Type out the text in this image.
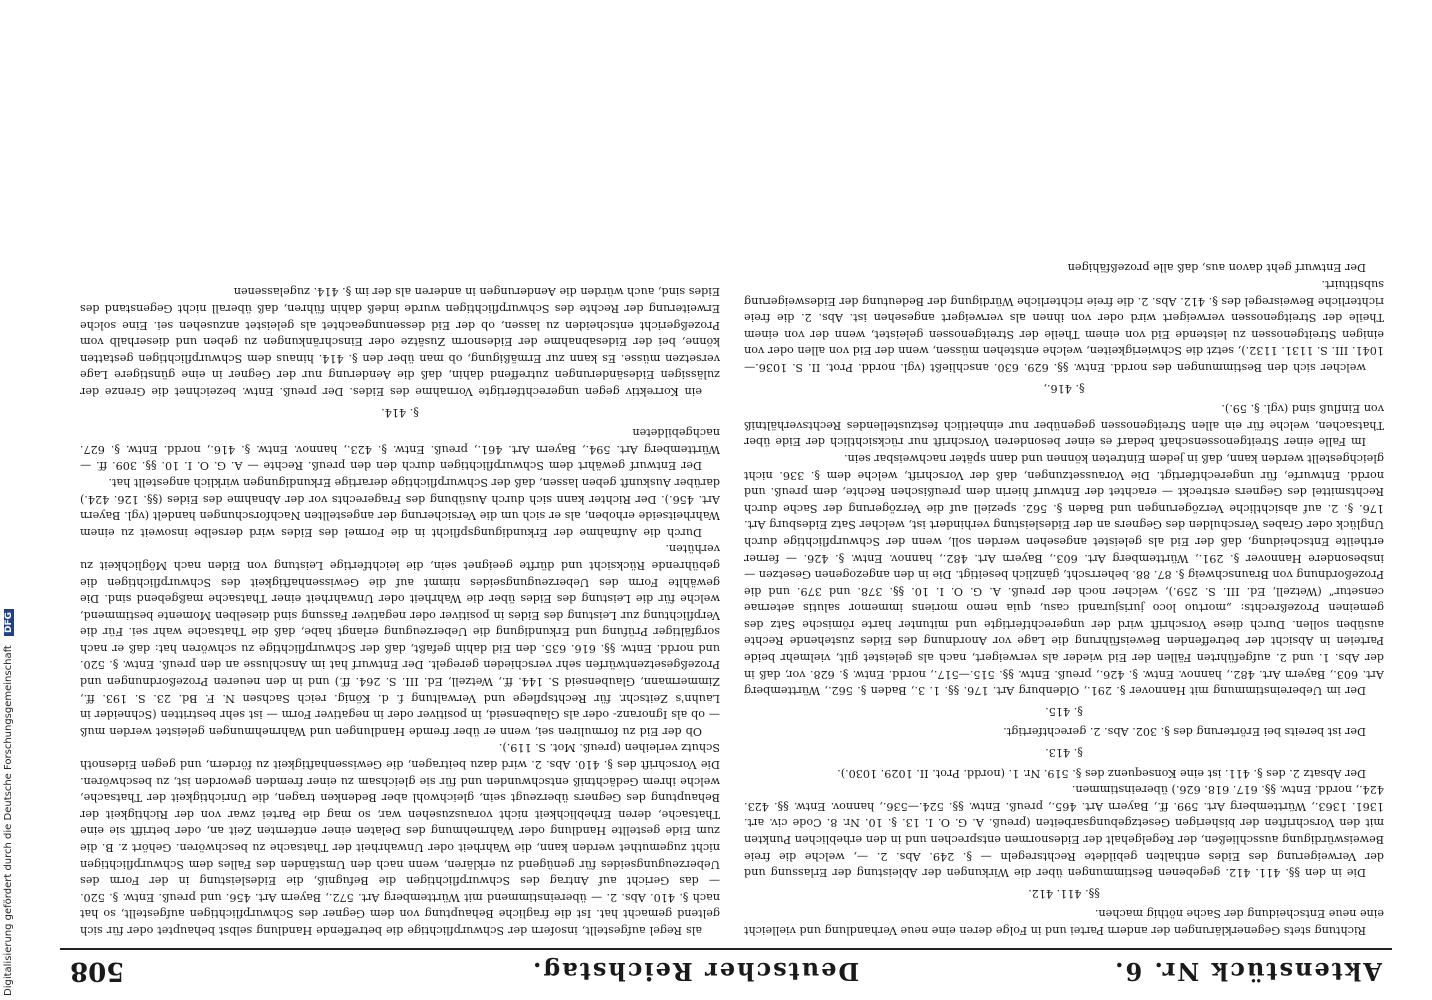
Digitalisierung gefördert durch die Deutsche Forschungsgemeinschaft DFG
508	Deutscher Reichstag.	Aktenstück Nr. 6.

als Regel aufgestellt, insofern der Schwurpflichtige die betreffende Handlung selbst behauptet oder für sich geltend gemacht hat. Ist die fragliche Behauptung von dem Gegner des Schwurpflichtigen aufgestellt, so hat nach §. 410. Abs. 2. — übereinstimmend mit Württemberg Art. 572., Bayern Art. 456. und preuß. Entw. §. 520. — das Gericht auf Antrag des Schwurpflichtigen die Befugniß, die Eidesleistung in der Form des Ueberzeugungseides für genügend zu erklären, wenn nach den Umständen des Falles dem Schwurpflichtigen nicht zugemuthet werden kann, die Wahrheit oder Unwahrheit der Thatsache zu beschwören. Gehört z. B. die zum Eide gestellte Handlung oder Wahrnehmung des Delaten einer entfernten Zeit an, oder betrifft sie eine Thatsache, deren Erheblichkeit nicht vorauszusehen war, so mag die Partei zwar von der Richtigkeit der Behauptung des Gegners überzeugt sein, gleichwohl aber Bedenken tragen, die Unrichtigkeit der Thatsache, welche ihrem Gedächtniß entschwunden und für sie gleichsam zu einer fremden geworden ist, zu beschwören. Die Vorschrift des §. 410. Abs. 2. wird dazu beitragen, die Gewissenhaftigkeit zu fördern, und gegen Eidesnoth Schutz verleihen (preuß. Mot. S. 119.).

Ob der Eid zu formuliren sei, wenn er über fremde Handlungen und Wahrnehmungen geleistet werden muß — ob als Ignoranz- oder als Glaubenseid, in positiver oder in negativer Form — ist sehr bestritten (Schneider in Lauhn's Zeitschr. für Rechtspflege und Verwaltung f. d. König. reich Sachsen N. F. Bd. 23. S. 193. ff., Zimmermann, Glaubenseid S. 144. ff., Wetzell, Ed. III. S. 264. ff.) und in den neueren Prozeßordnungen und Prozeßgesetzentwürfen sehr verschieden geregelt. Der Entwurf hat im Anschlusse an den preuß. Entw. §. 520. und nordd. Entw. §§. 616. 635. den Eid dahin gefaßt, daß der Schwurpflichtige zu schwören hat: daß er nach sorgfältiger Prüfung und Erkundigung die Ueberzeugung erlangt habe, daß die Thatsache wahr sei. Für die Verpflichtung zur Leistung des Eides in positiver oder negativer Fassung sind dieselben Momente bestimmend, welche für die Leistung des Eides über die Wahrheit oder Unwahrheit einer Thatsache maßgebend sind. Die gewählte Form des Ueberzeugungseides nimmt auf die Gewissenhaftigkeit des Schwurpflichtigen die gebührende Rücksicht und dürfte geeignet sein, die leichtfertige Leistung von Eiden nach Möglichkeit zu verhüten.

Durch die Aufnahme der Erkundigungspflicht in die Formel des Eides wird derselbe insoweit zu einem Wahrheitseide erhoben, als er sich um die Versicherung der angestellten Nachforschungen handelt (vgl. Bayern Art. 456.). Der Richter kann sich durch Ausübung des Fragerechts vor der Abnahme des Eides (§§. 126. 424.) darüber Auskunft geben lassen, daß der Schwurpflichtige derartige Erkundigungen wirklich angestellt hat.

Der Entwurf gewährt dem Schwurpflichtigen durch den den preuß. Rechte — A. G. O. I. 10. §§. 309. ff. — Württemberg Art. 594., Bayern Art. 461., preuß. Entw. §. 423., hannov. Entw. §. 416., nordd. Entw. §. 627. nachgebildeten

§. 414.

ein Korrektiv gegen ungerechtfertigte Vornahme des Eides. Der preuß. Entw. bezeichnet die Grenze der zulässigen Eidesänderungen zutreffend dahin, daß die Aenderung nur der Gegner in eine günstigere Lage versetzen müsse. Es kann zur Ermäßigung, ob man über den §. 414. hinaus dem Schwurpflichtigen gestatten könne, bei der Eidesabnahme der Eidesnorm Zusätze oder Einschränkungen zu geben und dieserhalb vom Prozeßgericht entscheiden zu lassen, ob der Eid dessenungeachtet als geleistet anzusehen sei. Eine solche Erweiterung der Rechte des Schwurpflichtigen wurde indeß dahin führen, daß überall nicht Gegenstand des Eides sind, auch würden die Aenderungen in anderen als der im §. 414. zugelassenen

Richtung stets Gegenerklärungen der andern Partei und in Folge deren eine neue Verhandlung und vielleicht eine neue Entscheidung der Sache nöthig machen.

§§. 411. 412.

Die in den §§. 411. 412. gegebenen Bestimmungen über die Wirkungen der Ableistung der Erlassung und der Verweigerung des Eides enthalten gebildete Rechtsregeln — §. 249. Abs. 2. —, welche die freie Beweiswürdigung ausschließen, der Regelgehalt der Eidesnormen entsprechen und in den erheblichen Punkten mit den Vorschriften der bisherigen Gesetzgebungsarbeiten (preuß. A. G. O. I. 13. §. 10. Nr. 8. Code civ. art. 1361. 1363., Württemberg Art. 599. ff., Bayern Art. 465., preuß. Entw. §§. 524.—536., hannov. Entw. §§. 423. 424., nordd. Entw. §§. 617. 618. 626.) übereinstimmen.

Der Absatz 2. des §. 411. ist eine Konsequenz des §. 519. Nr. 1. (nordd. Prot. II. 1029. 1030.).

§. 413.

Der ist bereits bei Erörterung des §. 302. Abs. 2. gerechtfertigt.

§. 415.

Der im Uebereinstimmung mit Hannover §. 291., Oldenburg Art. 176. §§. 1. 3., Baden §. 562., Württemberg Art. 603., Bayern Art. 482., hannov. Entw. §. 426., preuß. Entw. §§. 515.—517., nordd. Entw. §. 628. vor, daß in der Abs. 1. und 2. aufgeführten Fällen der Eid wieder als verweigert, nach als geleistet gilt, vielmehr beide Parteien in Absicht der betreffenden Beweisführung die Lage vor Anordnung des Eides zustehende Rechte ausüben sollen. Durch diese Vorschrift wird der ungerechtfertigte und mitunter harte römische Satz des gemeinen Prozeßrechts: „mortuo loco jurisjurandi casu, quia nemo moriens immemor salutis aeternae censetur“ (Wetzell, Ed. III. S. 259.), welcher noch der preuß. A. G. O. I. 10. §§. 378. und 379. und die Prozeßordnung von Braunschweig §. 87. 88. beherrscht, gänzlich beseitigt. Die in den angezogenen Gesetzen — insbesondere Hannover §. 291., Württemberg Art. 603., Bayern Art. 482., hannov. Entw. §. 426. — ferner ertheilte Entscheidung, daß der Eid als geleistet angesehen werden soll, wenn der Schwurpflichtige durch Unglück oder Grabes Verschulden des Gegners an der Eidesleistung verhindert ist, welcher Satz Eidesburg Art. 176. §. 2. auf absichtliche Verzögerungen und Baden §. 562. speziell auf die Verzögerung der Sache durch Rechtsmittel des Gegners erstreckt — erachtet der Entwurf hierin dem preußischen Rechte, dem preuß. und nordd. Entwurfe, für ungerechtfertigt. Die Voraussetzungen, daß der Vorschrift, welche dem §. 336. nicht gleichgestellt werden kann, daß in jedem Eintreten können und dann später nachweisbar sein.

Im Falle einer Streitgenossenschaft bedarf es einer besonderen Vorschrift nur rücksichtlich der Eide über Thatsachen, welche für ein allen Streitgenossen gegenüber nur einheitlich festzustellendes Rechtsverhältniß von Einfluß sind (vgl. §. 59.).

§. 416.,

welcher sich den Bestimmungen des nordd. Entw. §§. 629. 630. anschließt (vgl. nordd. Prot. II. S. 1036.—1041. III. S. 1131. 1132.), setzt die Schwierigkeiten, welche entstehen müssen, wenn der Eid von allen oder von einigen Streitgenossen zu leistende Eid von einem Theile der Streitgenossen geleistet, wenn der von einem Theile der Streitgenossen verweigert wird oder von ihnen als verweigert angesehen ist. Abs. 2. die freie richterliche Beweisregel des §. 412. Abs. 2. die freie richterliche Würdigung der Bedeutung der Eidesweigerung substituirt.

Der Entwurf geht davon aus, daß alle prozeßfähigen
